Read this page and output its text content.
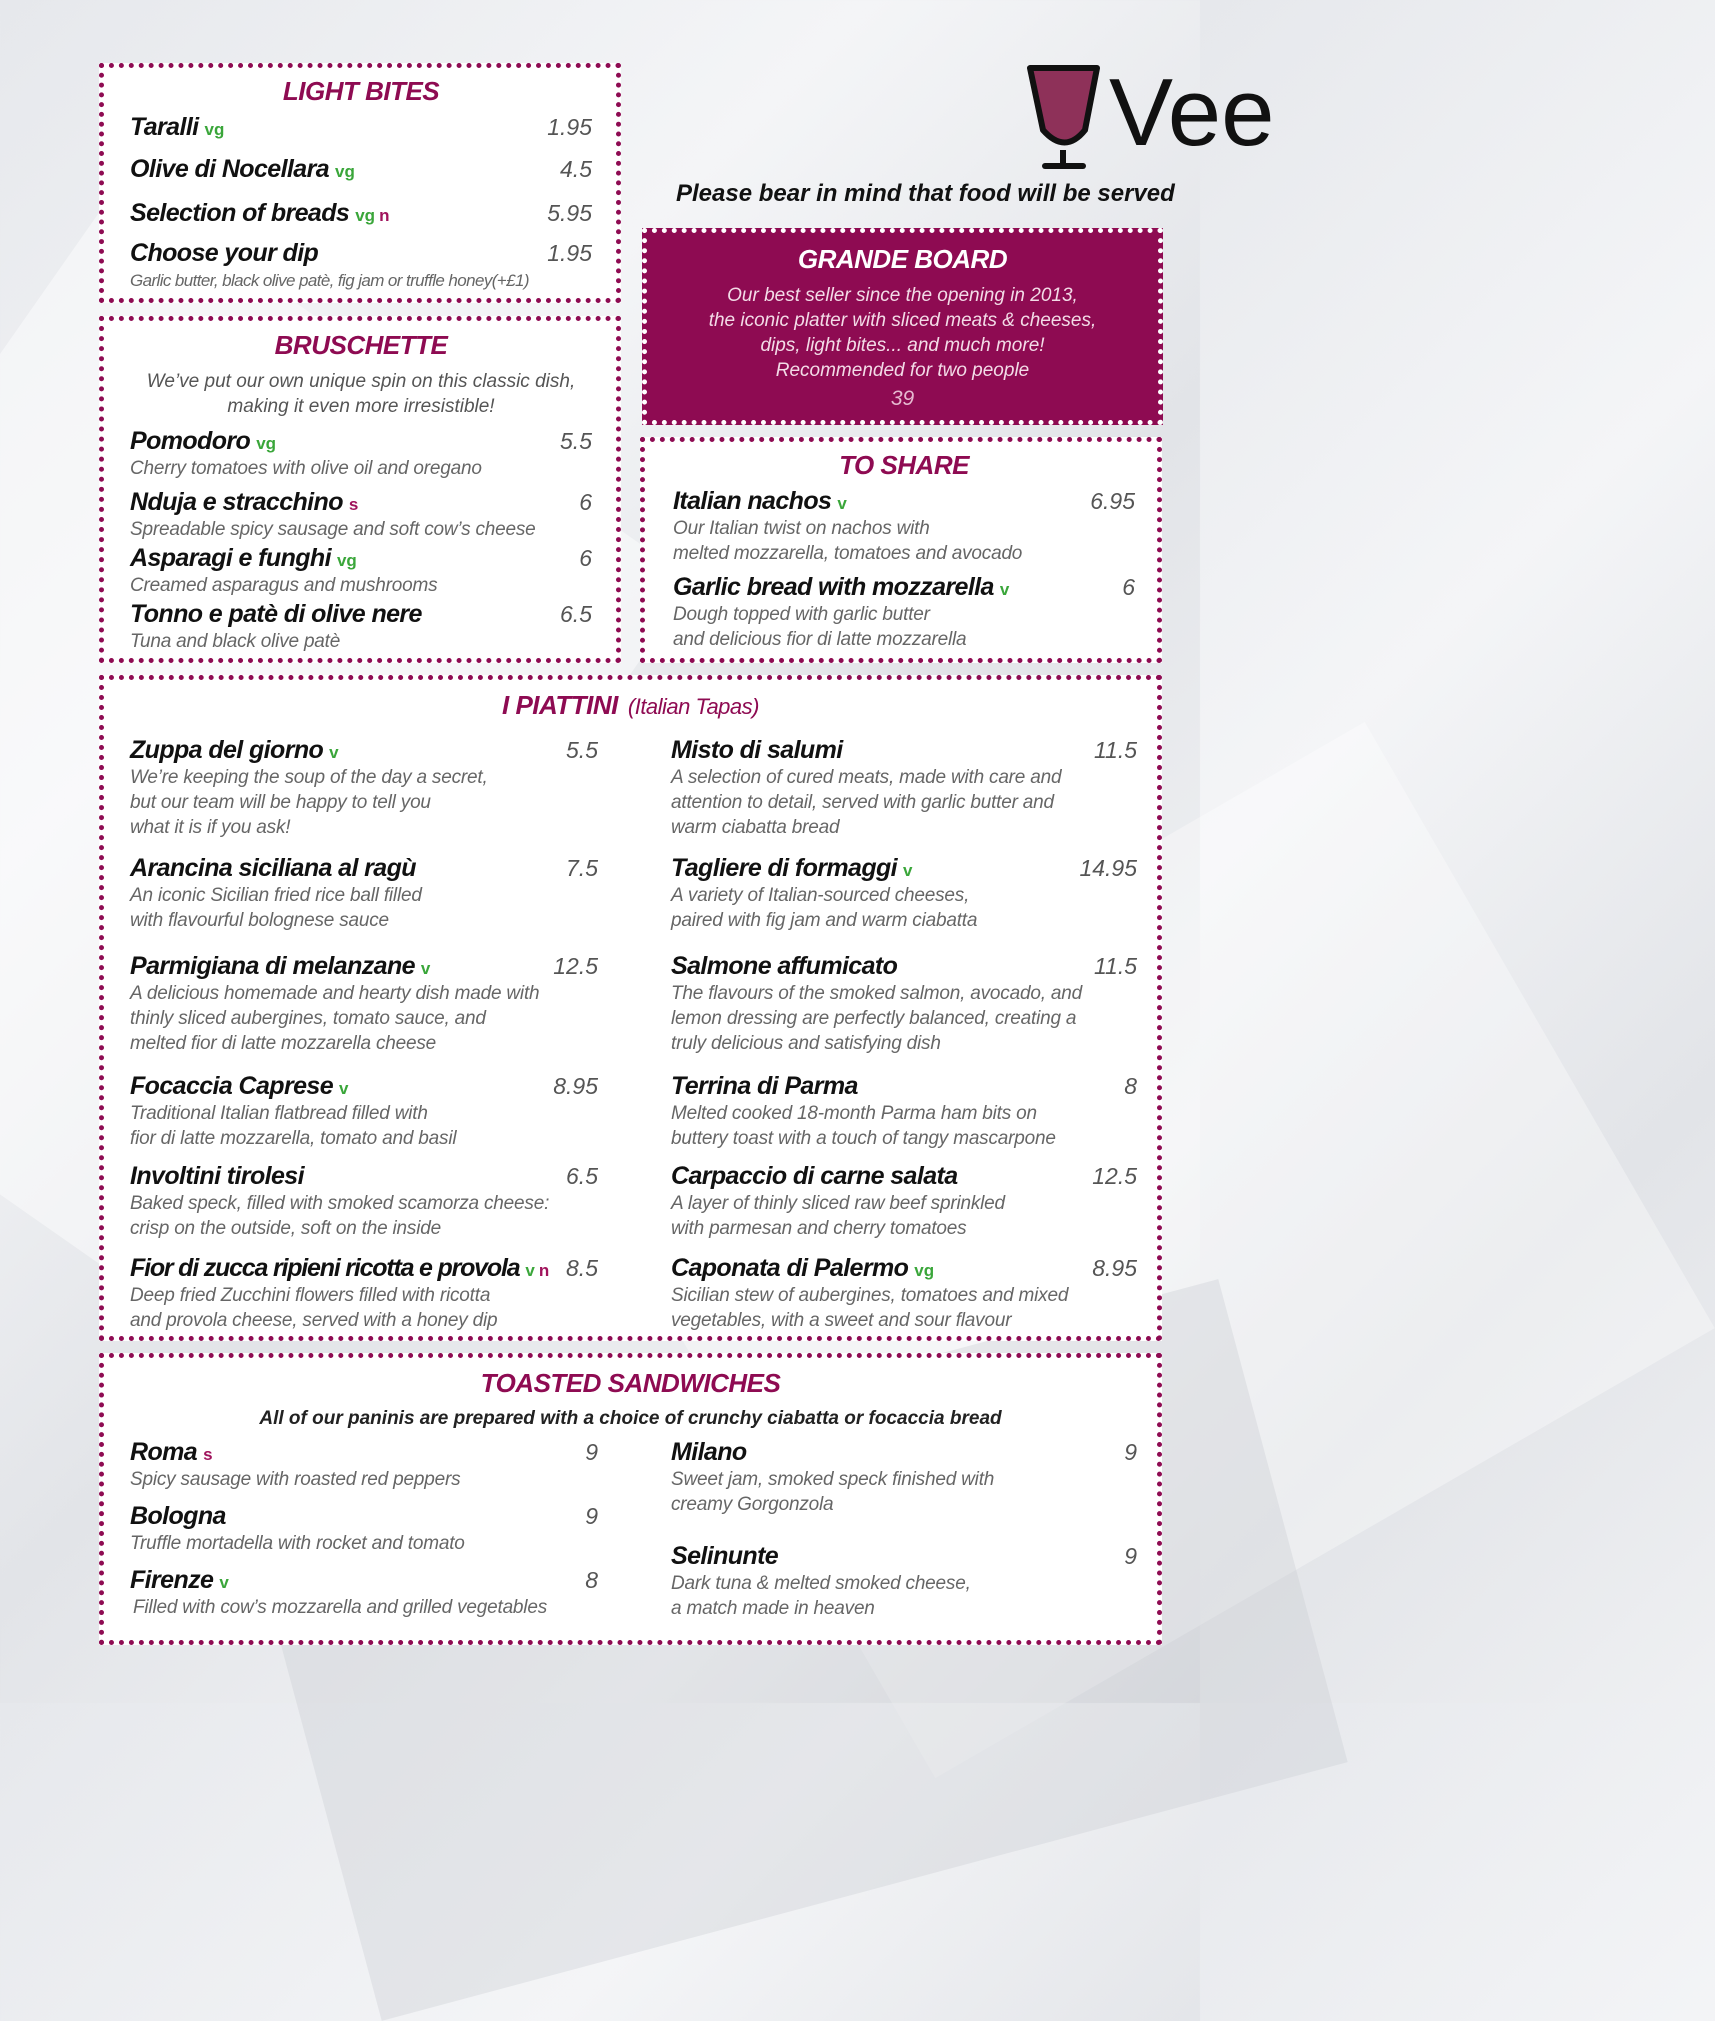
Vee
Please bear in mind that food will be served
LIGHT BITES
Taralli vg	1.95
Olive di Nocellara vg	4.5
Selection of breads vg n	5.95
Choose your dip	1.95
Garlic butter, black olive patè, fig jam or truffle honey(+£1)
BRUSCHETTE
We’ve put our own unique spin on this classic dish,
making it even more irresistible!
Pomodoro vg	5.5
Cherry tomatoes with olive oil and oregano
Nduja e stracchino s	6
Spreadable spicy sausage and soft cow’s cheese
Asparagi e funghi vg	6
Creamed asparagus and mushrooms
Tonno e patè di olive nere	6.5
Tuna and black olive patè
GRANDE BOARD
Our best seller since the opening in 2013,
the iconic platter with sliced meats & cheeses,
dips, light bites... and much more!
Recommended for two people
39
TO SHARE
Italian nachos v	6.95
Our Italian twist on nachos with
melted mozzarella, tomatoes and avocado
Garlic bread with mozzarella v	6
Dough topped with garlic butter
and delicious fior di latte mozzarella
I PIATTINI (Italian Tapas)
Zuppa del giorno v	5.5
We’re keeping the soup of the day a secret,
but our team will be happy to tell you
what it is if you ask!
Arancina siciliana al ragù	7.5
An iconic Sicilian fried rice ball filled
with flavourful bolognese sauce
Parmigiana di melanzane v	12.5
A delicious homemade and hearty dish made with
thinly sliced aubergines, tomato sauce, and
melted fior di latte mozzarella cheese
Focaccia Caprese v	8.95
Traditional Italian flatbread filled with
fior di latte mozzarella, tomato and basil
Involtini tirolesi	6.5
Baked speck, filled with smoked scamorza cheese:
crisp on the outside, soft on the inside
Fior di zucca ripieni ricotta e provola v n 8.5
Deep fried Zucchini flowers filled with ricotta
and provola cheese, served with a honey dip
Misto di salumi	11.5
A selection of cured meats, made with care and
attention to detail, served with garlic butter and
warm ciabatta bread
Tagliere di formaggi v	14.95
A variety of Italian-sourced cheeses,
paired with fig jam and warm ciabatta
Salmone affumicato	11.5
The flavours of the smoked salmon, avocado, and
lemon dressing are perfectly balanced, creating a
truly delicious and satisfying dish
Terrina di Parma	8
Melted cooked 18-month Parma ham bits on
buttery toast with a touch of tangy mascarpone
Carpaccio di carne salata	12.5
A layer of thinly sliced raw beef sprinkled
with parmesan and cherry tomatoes
Caponata di Palermo vg	8.95
Sicilian stew of aubergines, tomatoes and mixed
vegetables, with a sweet and sour flavour
TOASTED SANDWICHES
All of our paninis are prepared with a choice of crunchy ciabatta or focaccia bread
Roma s	9
Spicy sausage with roasted red peppers
Bologna	9
Truffle mortadella with rocket and tomato
Firenze v	8
Filled with cow’s mozzarella and grilled vegetables
Milano	9
Sweet jam, smoked speck finished with
creamy Gorgonzola
Selinunte	9
Dark tuna & melted smoked cheese,
a match made in heaven
